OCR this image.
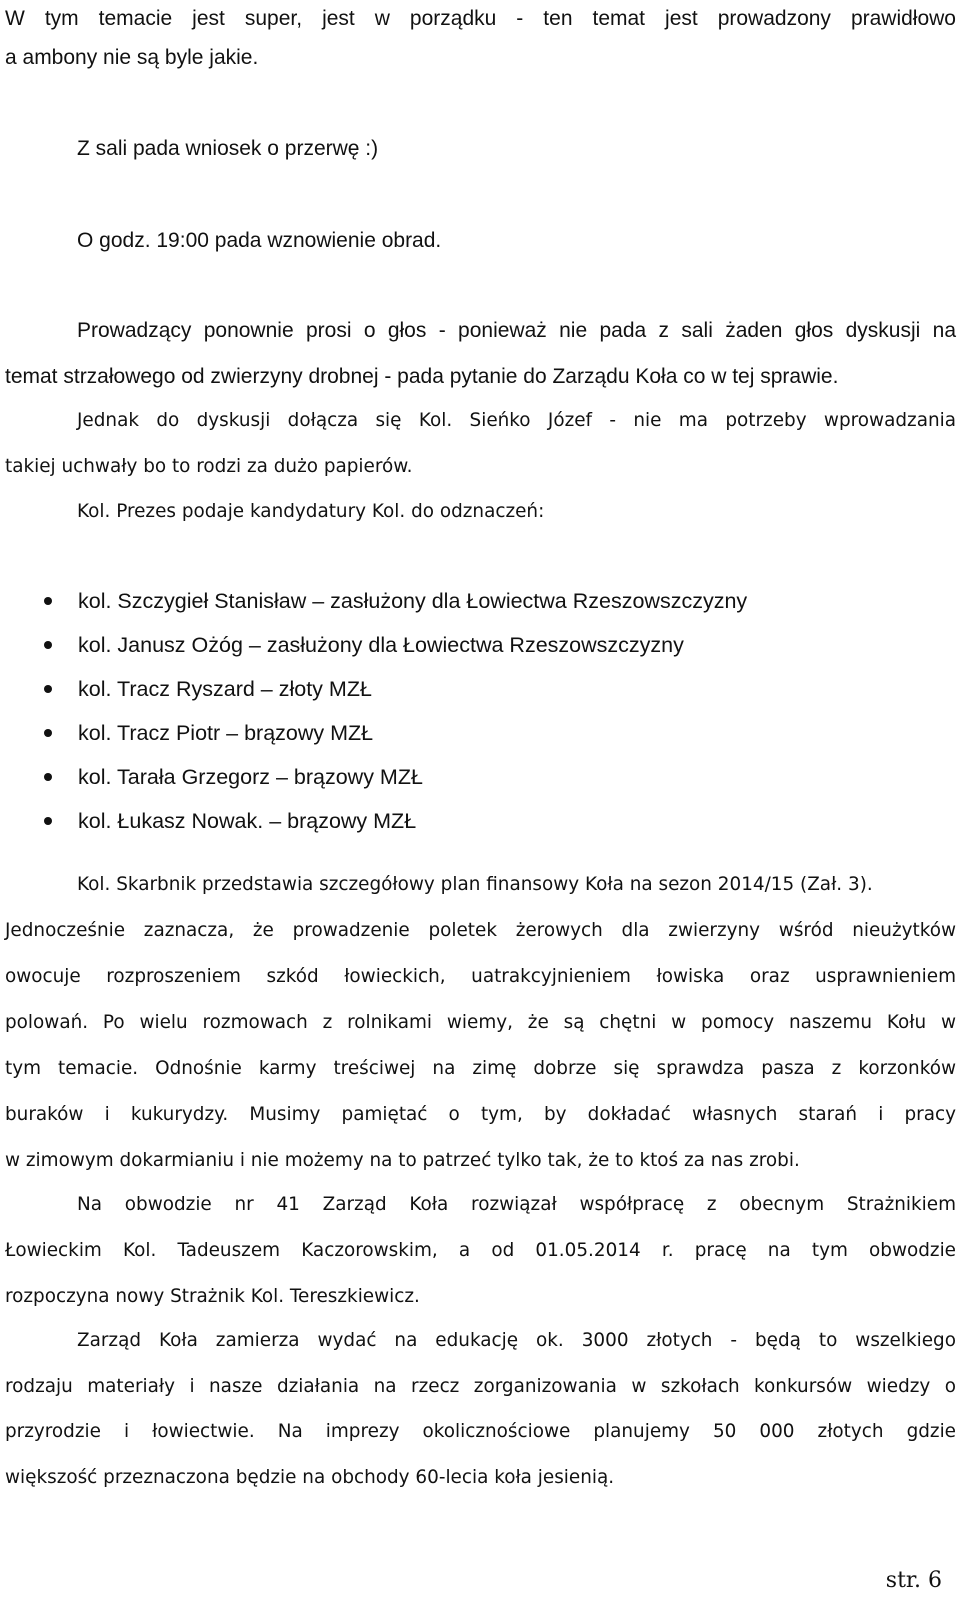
W tym temacie jest super, jest w porządku - ten temat jest prowadzony prawidłowo
a ambony nie są byle jakie.
Z sali pada wniosek o przerwę :)
O godz. 19:00 pada wznowienie obrad.
Prowadzący ponownie prosi o głos - ponieważ nie pada z sali żaden głos dyskusji na
temat strzałowego od zwierzyny drobnej - pada pytanie do Zarządu Koła co w tej sprawie.
Jednak do dyskusji dołącza się Kol. Sieńko Józef - nie ma potrzeby wprowadzania
takiej uchwały bo to rodzi za dużo papierów.
Kol. Prezes podaje kandydatury Kol. do odznaczeń:
kol. Szczygieł Stanisław – zasłużony dla Łowiectwa Rzeszowszczyzny
kol. Janusz Ożóg – zasłużony dla Łowiectwa Rzeszowszczyzny
kol. Tracz Ryszard – złoty MZŁ
kol. Tracz Piotr – brązowy MZŁ
kol. Tarała Grzegorz – brązowy MZŁ
kol. Łukasz Nowak. – brązowy MZŁ
Kol. Skarbnik przedstawia szczegółowy plan finansowy Koła na sezon 2014/15 (Zał. 3).
Jednocześnie zaznacza, że prowadzenie poletek żerowych dla zwierzyny wśród nieużytków
owocuje rozproszeniem szkód łowieckich, uatrakcyjnieniem łowiska oraz usprawnieniem
polowań. Po wielu rozmowach z rolnikami wiemy, że są chętni w pomocy naszemu Kołu w
tym temacie. Odnośnie karmy treściwej na zimę dobrze się sprawdza pasza z korzonków
buraków i kukurydzy. Musimy pamiętać o tym, by dokładać własnych starań i pracy
w zimowym dokarmianiu i nie możemy na to patrzeć tylko tak, że to ktoś za nas zrobi.
Na obwodzie nr 41 Zarząd Koła rozwiązał współpracę z obecnym Strażnikiem
Łowieckim Kol. Tadeuszem Kaczorowskim, a od 01.05.2014 r. pracę na tym obwodzie
rozpoczyna nowy Strażnik Kol. Tereszkiewicz.
Zarząd Koła zamierza wydać na edukację ok. 3000 złotych - będą to wszelkiego
rodzaju materiały i nasze działania na rzecz zorganizowania w szkołach konkursów wiedzy o
przyrodzie i łowiectwie. Na imprezy okolicznościowe planujemy 50 000 złotych gdzie
większość przeznaczona będzie na obchody 60-lecia koła jesienią.
str. 6
